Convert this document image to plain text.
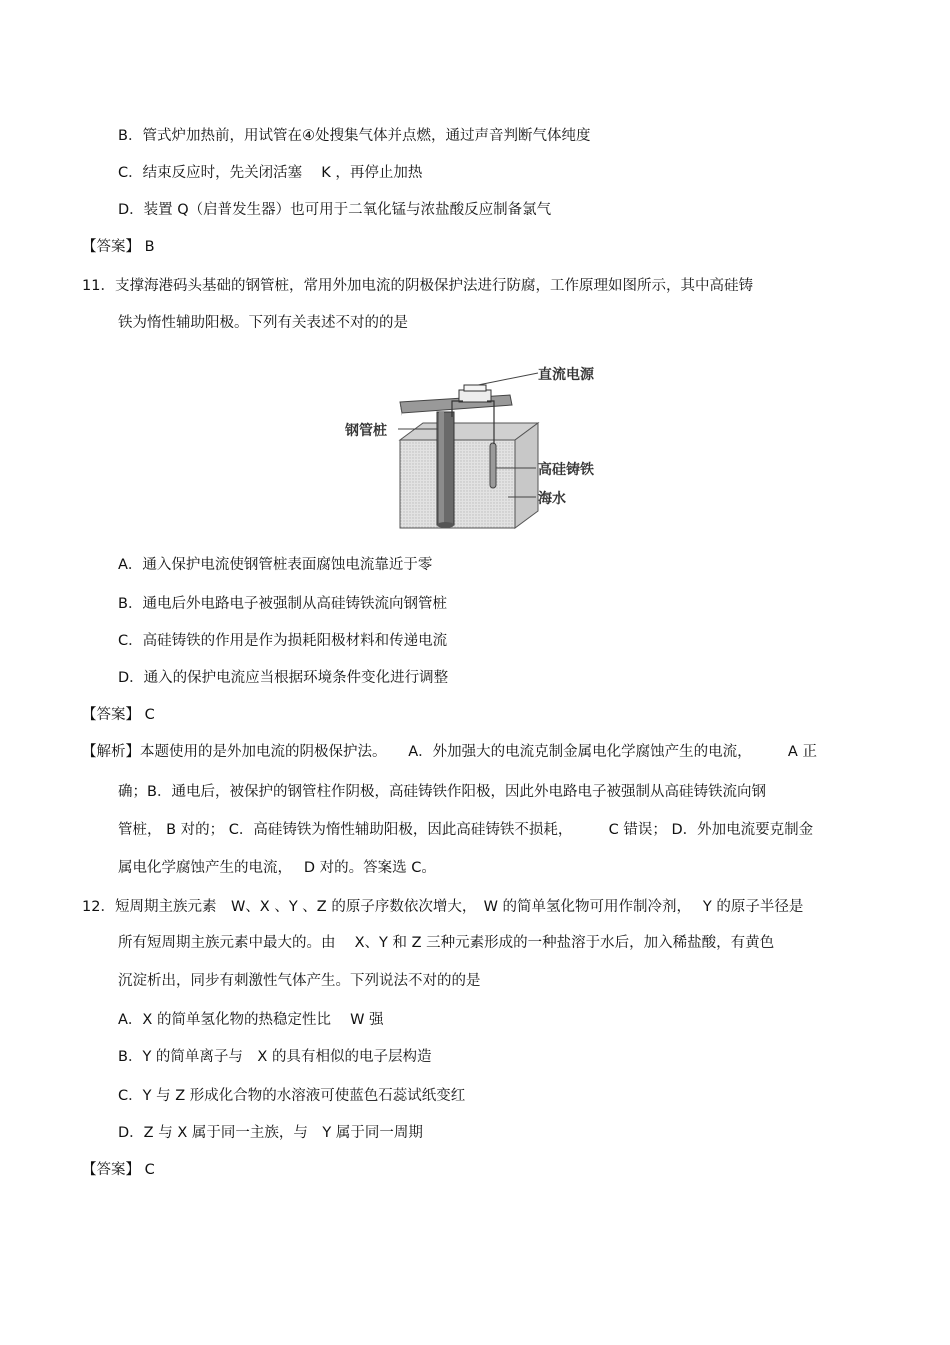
B．管式炉加热前，用试管在④处搜集气体并点燃，通过声音判断气体纯度
C．结束反应时，先关闭活塞　 K ，再停止加热
D．装置 Q（启普发生器）也可用于二氧化锰与浓盐酸反应制备氯气
【答案】 B
11．支撑海港码头基础的钢管桩，常用外加电流的阴极保护法进行防腐，工作原理如图所示，其中高硅铸
铁为惰性辅助阳极。下列有关表述不对的的是
直流电源
钢管桩
高硅铸铁
海水
A．通入保护电流使钢管桩表面腐蚀电流靠近于零
B．通电后外电路电子被强制从高硅铸铁流向钢管桩
C．高硅铸铁的作用是作为损耗阳极材料和传递电流
D．通入的保护电流应当根据环境条件变化进行调整
【答案】 C
【解析】本题使用的是外加电流的阴极保护法。　　A．外加强大的电流克制金属电化学腐蚀产生的电流，　　　A 正
确；B．通电后，被保护的钢管柱作阴极，高硅铸铁作阳极，因此外电路电子被强制从高硅铸铁流向钢
管桩， B 对的； C．高硅铸铁为惰性辅助阳极，因此高硅铸铁不损耗，　　　C 错误； D．外加电流要克制金
属电化学腐蚀产生的电流，　 D 对的。答案选 C。
12．短周期主族元素　W、X 、Y 、Z 的原子序数依次增大，　W 的简单氢化物可用作制冷剂，　 Y 的原子半径是
所有短周期主族元素中最大的。由　 X、Y 和 Z 三种元素形成的一种盐溶于水后，加入稀盐酸，有黄色
沉淀析出，同步有刺激性气体产生。下列说法不对的的是
A．X 的简单氢化物的热稳定性比　 W 强
B．Y 的简单离子与　X 的具有相似的电子层构造
C．Y 与 Z 形成化合物的水溶液可使蓝色石蕊试纸变红
D．Z 与 X 属于同一主族，与　Y 属于同一周期
【答案】 C
